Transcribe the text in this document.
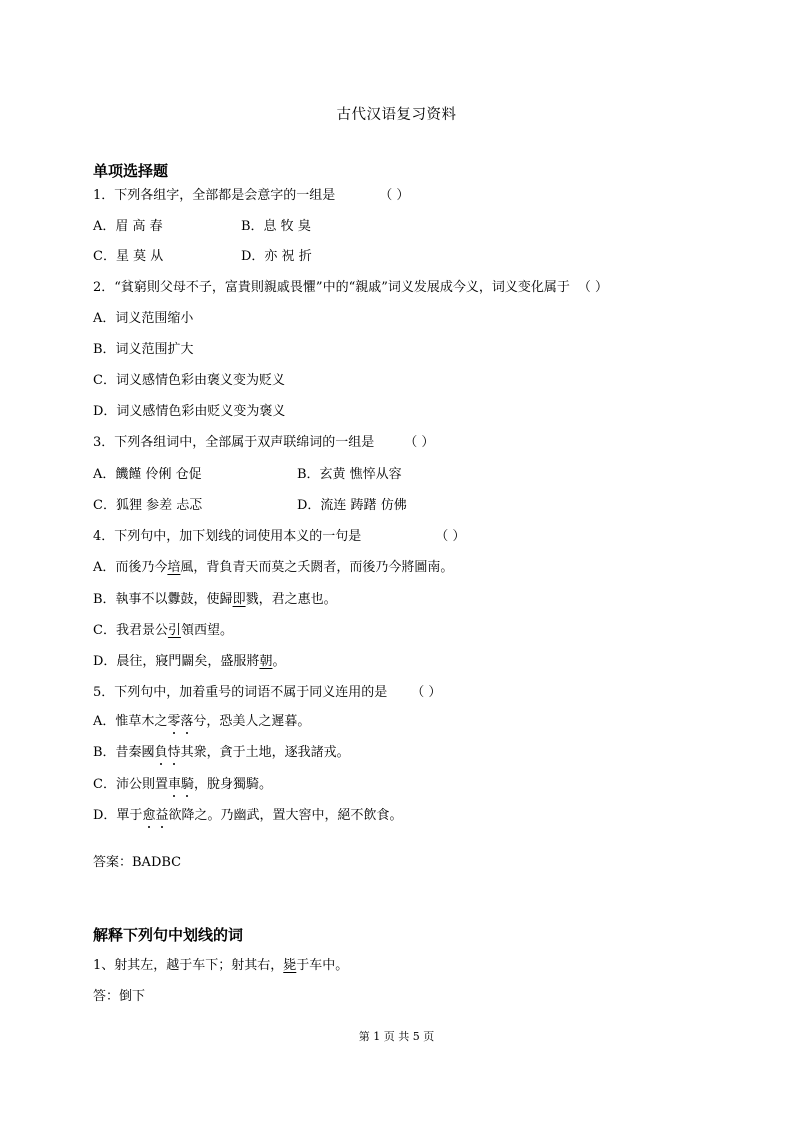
古代汉语复习资料
单项选择题
1．下列各组字，全部都是会意字的一组是	（ ）
A．眉 高 春	B．息 牧 臭
C．星 莫 从	D．亦 祝 折
2．“貧窮則父母不子，富貴則親戚畏懼”中的“親戚”词义发展成今义，词义变化属于 （ ）
A．词义范围缩小
B．词义范围扩大
C．词义感情色彩由褒义变为贬义
D．词义感情色彩由贬义变为褒义
3．下列各组词中，全部属于双声联绵词的一组是 （ ）
A．饑饉 伶俐 仓促	B．玄黄 憔悴从容
C．狐狸 参差 忐忑	D．流连 踌躇 仿佛
4．下列句中，加下划线的词使用本义的一句是	（ ）
A．而後乃今培風，背負青天而莫之夭閼者，而後乃今將圖南。
B．執事不以釁鼓，使歸即戮，君之惠也。
C．我君景公引領西望。
D．晨往，寢門闢矣，盛服將朝。
5．下列句中，加着重号的词语不属于同义连用的是 （ ）
A．惟草木之零落兮，恐美人之遲暮。
B．昔秦國負恃其衆，貪于土地，逐我諸戎。
C．沛公則置車騎，脫身獨騎。
D．單于愈益欲降之。乃幽武，置大窖中，絕不飲食。
答案：BADBC
解释下列句中划线的词
1、射其左，越于车下；射其右，毙于车中。
答：倒下
第 1 页 共 5 页
